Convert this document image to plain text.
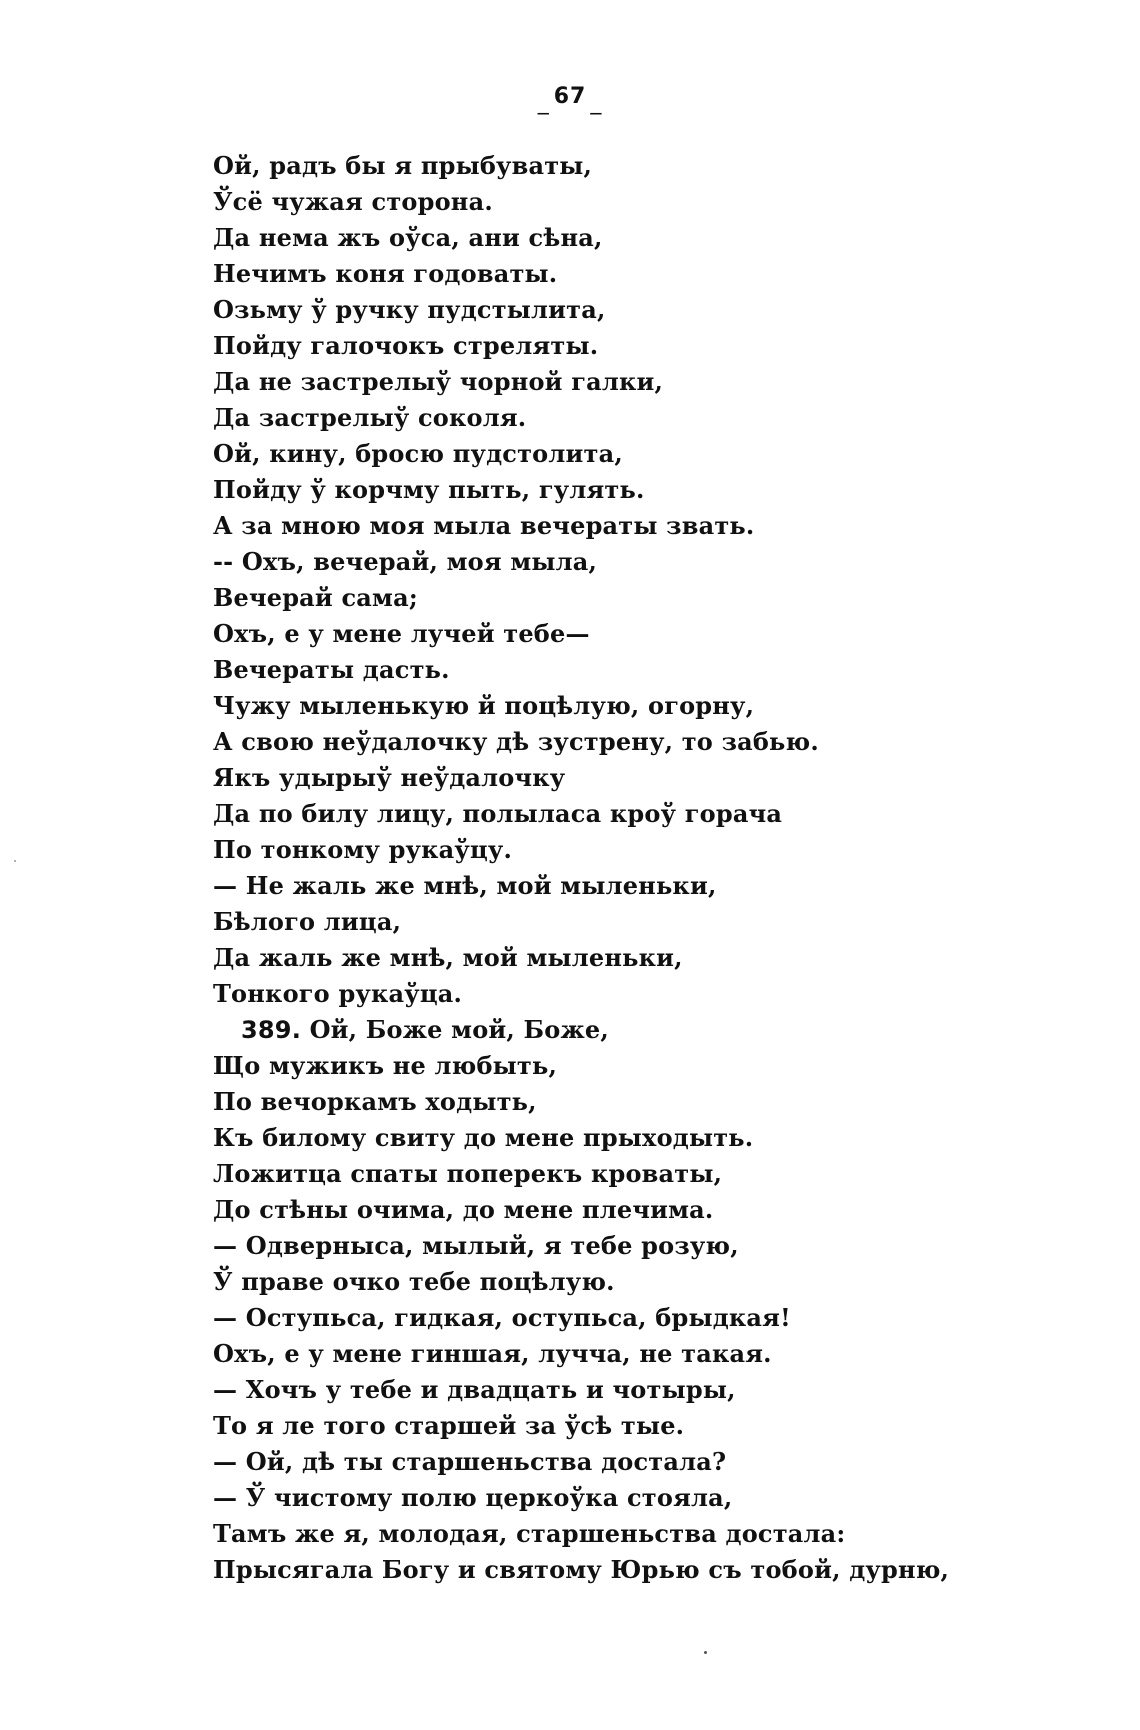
_ 67 _
Ой, радъ бы я прыбуваты,
Ўсё чужая сторона.
Да нема жъ оўса, ани сѣна,
Нечимъ коня годоваты.
Озьму ў ручку пудстылита,
Пойду галочокъ стреляты.
Да не застрелыў чорной галки,
Да застрелыў соколя.
Ой, кину, бросю пудстолита,
Пойду ў корчму пыть, гулять.
А за мною моя мыла вечераты звать.
-- Охъ, вечерай, моя мыла,
Вечерай сама;
Охъ, е у мене лучей тебе—
Вечераты дасть.
Чужу мыленькую й поцѣлую, огорну,
А свою неўдалочку дѣ зустрену, то забью.
Якъ удырыў неўдалочку
Да по билу лицу, полыласа кроў горача
По тонкому рукаўцу.
— Не жаль же мнѣ, мой мыленьки,
Бѣлого лица,
Да жаль же мнѣ, мой мыленьки,
Тонкого рукаўца.
389. Ой, Боже мой, Боже,
Що мужикъ не любыть,
По вечоркамъ ходыть,
Къ билому свиту до мене прыходыть.
Ложитца спаты поперекъ кроваты,
До стѣны очима, до мене плечима.
— Одверныса, мылый, я тебе розую,
Ў праве очко тебе поцѣлую.
— Оступьса, гидкая, оступьса, брыдкая!
Охъ, е у мене гиншая, лучча, не такая.
— Хочъ у тебе и двадцать и чотыры,
То я ле того старшей за ўсѣ тые.
— Ой, дѣ ты старшеньства достала?
— Ў чистому полю церкоўка стояла,
Тамъ же я, молодая, старшеньства достала:
Прысягала Богу и святому Юрью съ тобой, дурню,
